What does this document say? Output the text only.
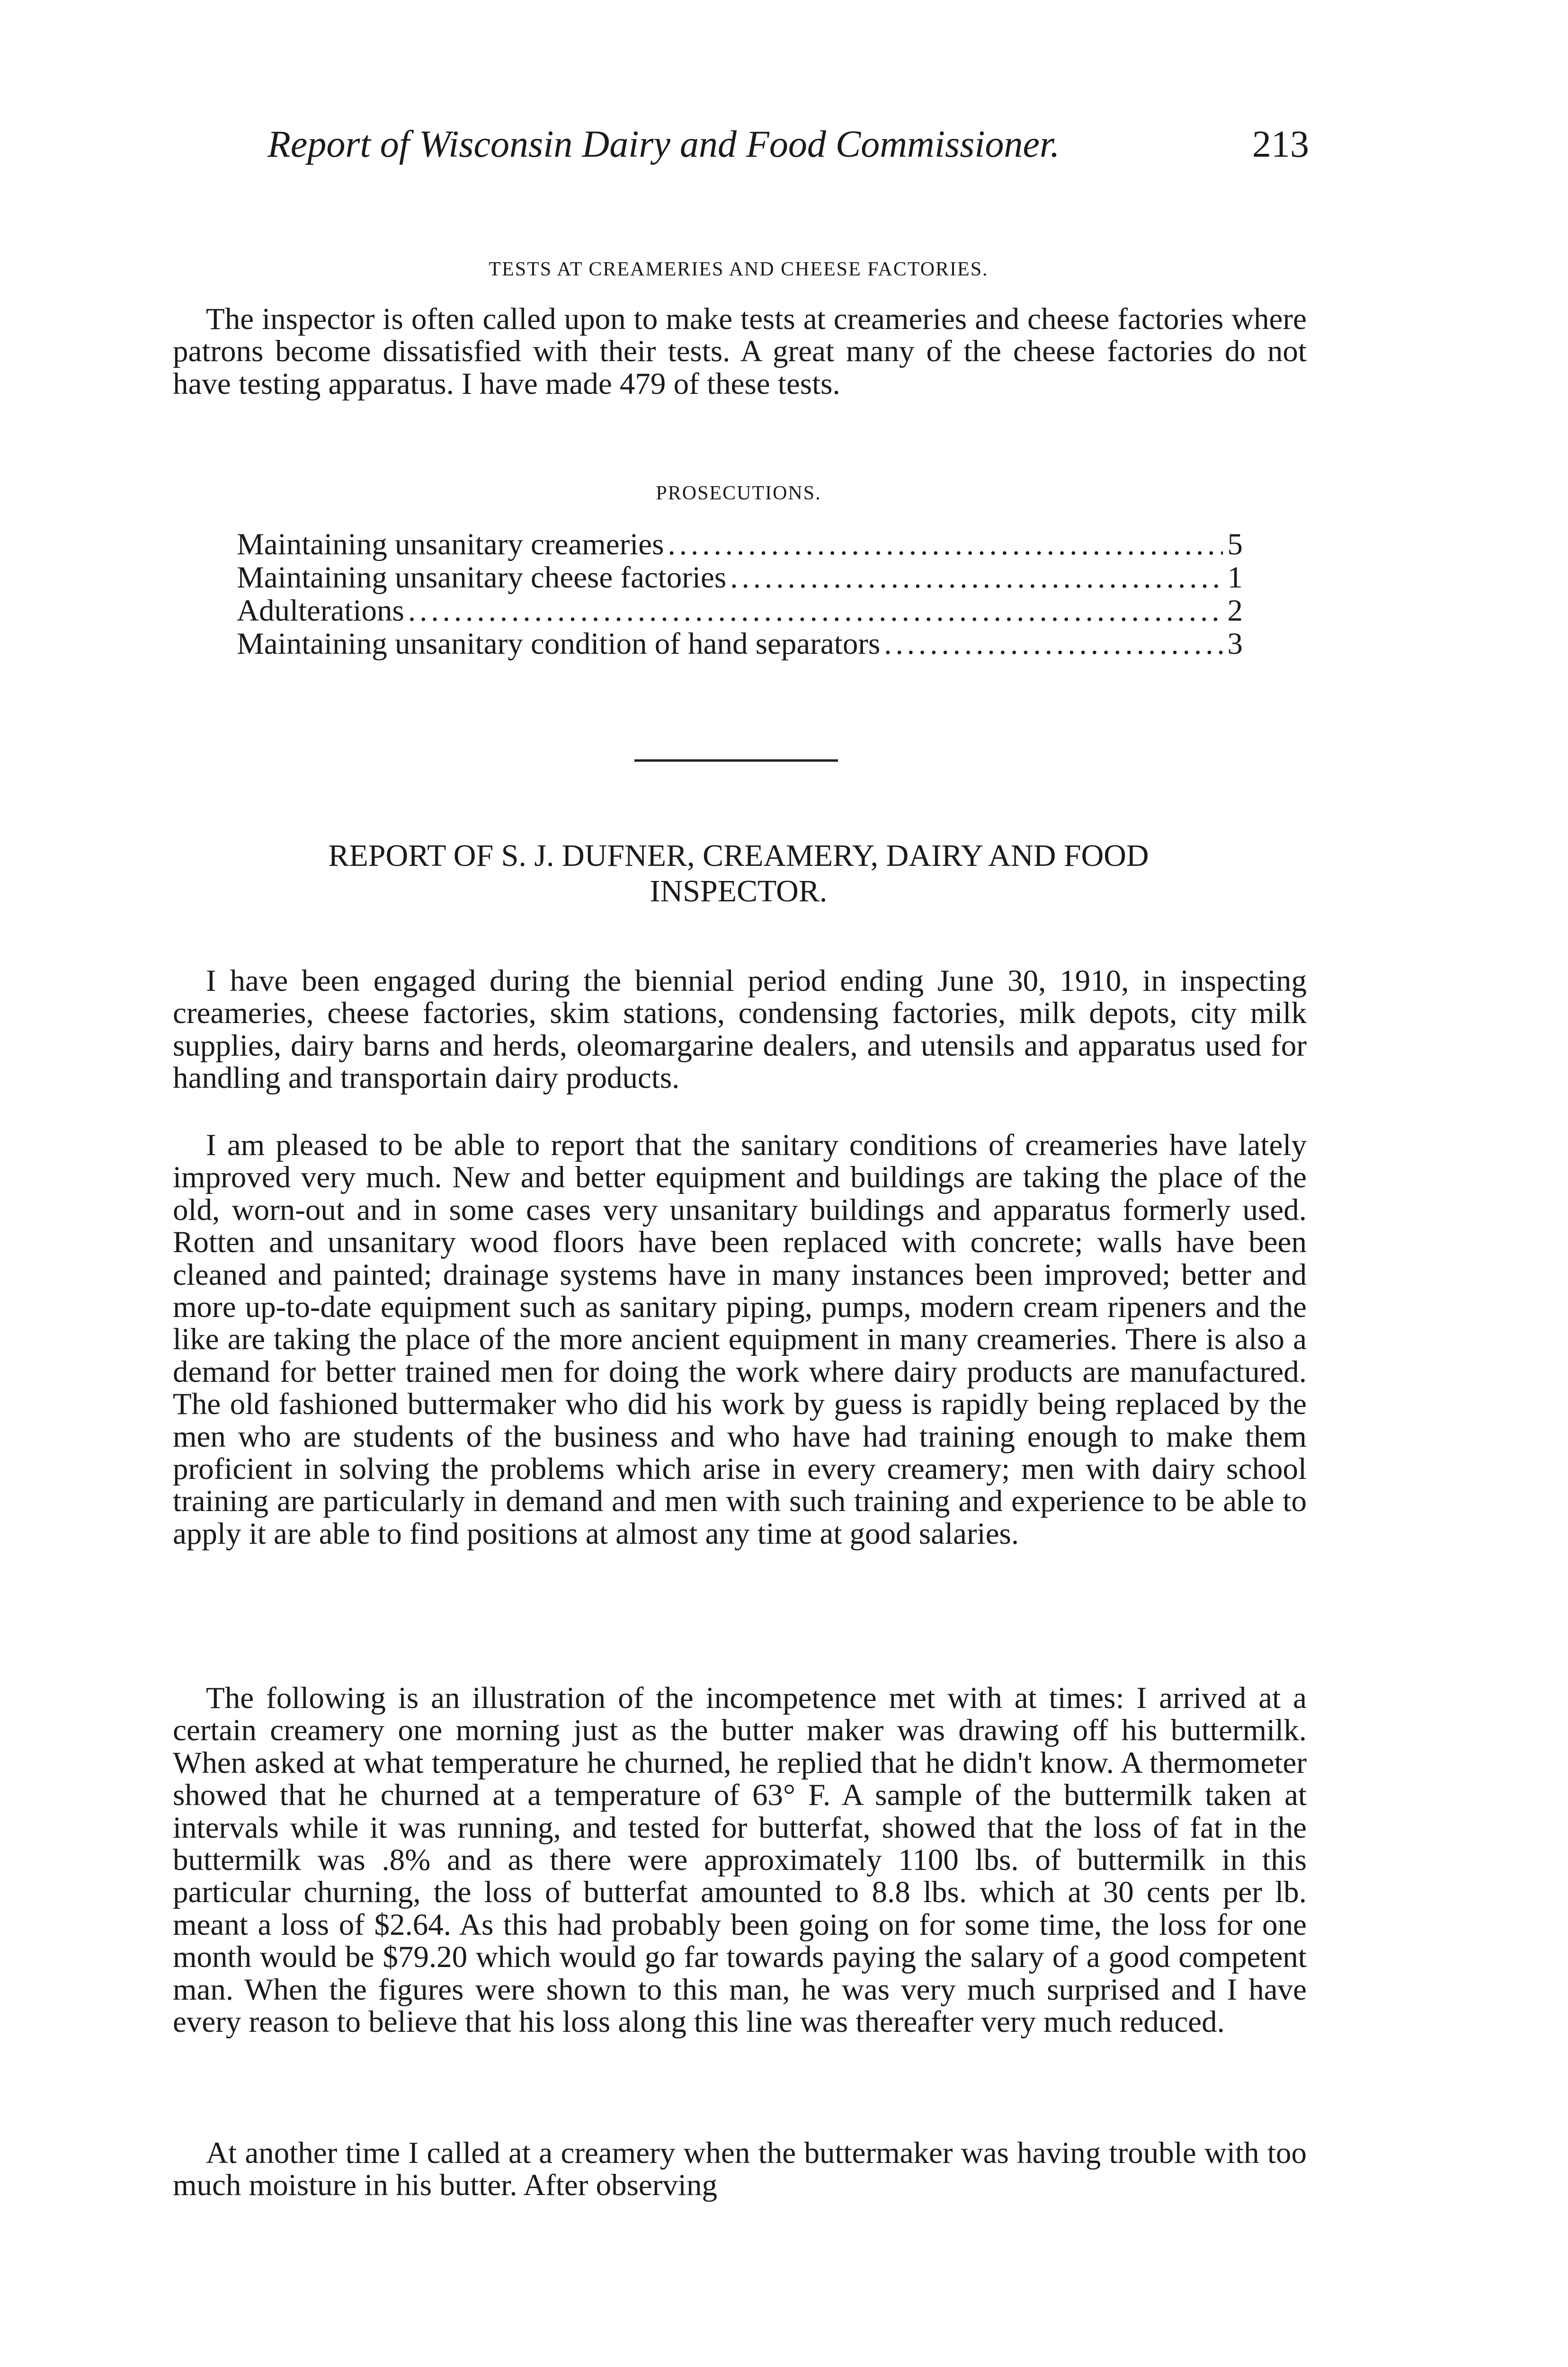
Report of Wisconsin Dairy and Food Commissioner.	213
TESTS AT CREAMERIES AND CHEESE FACTORIES.

The inspector is often called upon to make tests at creameries and cheese factories where patrons become dissatisfied with their tests. A great many of the cheese factories do not have testing apparatus. I have made 479 of these tests.

PROSECUTIONS.
Maintaining unsanitary creameries .....	5
Maintaining unsanitary cheese factories .....	1
Adulterations .....	2
Maintaining unsanitary condition of hand separators .....	3
REPORT OF S. J. DUFNER, CREAMERY, DAIRY AND FOOD
INSPECTOR.

I have been engaged during the biennial period ending June 30, 1910, in inspecting creameries, cheese factories, skim stations, condensing factories, milk depots, city milk supplies, dairy barns and herds, oleomargarine dealers, and utensils and apparatus used for handling and transportain dairy products.

I am pleased to be able to report that the sanitary conditions of creameries have lately improved very much. New and better equipment and buildings are taking the place of the old, worn-out and in some cases very unsanitary buildings and apparatus formerly used. Rotten and unsanitary wood floors have been replaced with concrete; walls have been cleaned and painted; drainage systems have in many instances been improved; better and more up-to-date equipment such as sanitary piping, pumps, modern cream ripeners and the like are taking the place of the more ancient equipment in many creameries. There is also a demand for better trained men for doing the work where dairy products are manufactured. The old fashioned buttermaker who did his work by guess is rapidly being replaced by the men who are students of the business and who have had training enough to make them proficient in solving the problems which arise in every creamery; men with dairy school training are particularly in demand and men with such training and experience to be able to apply it are able to find positions at almost any time at good salaries.

The following is an illustration of the incompetence met with at times: I arrived at a certain creamery one morning just as the butter maker was drawing off his buttermilk. When asked at what temperature he churned, he replied that he didn't know. A thermometer showed that he churned at a temperature of 63° F. A sample of the buttermilk taken at intervals while it was running, and tested for butterfat, showed that the loss of fat in the buttermilk was .8% and as there were approximately 1100 lbs. of buttermilk in this particular churning, the loss of butterfat amounted to 8.8 lbs. which at 30 cents per lb. meant a loss of $2.64. As this had probably been going on for some time, the loss for one month would be $79.20 which would go far towards paying the salary of a good competent man. When the figures were shown to this man, he was very much surprised and I have every reason to believe that his loss along this line was thereafter very much reduced.

At another time I called at a creamery when the buttermaker was having trouble with too much moisture in his butter. After observing
